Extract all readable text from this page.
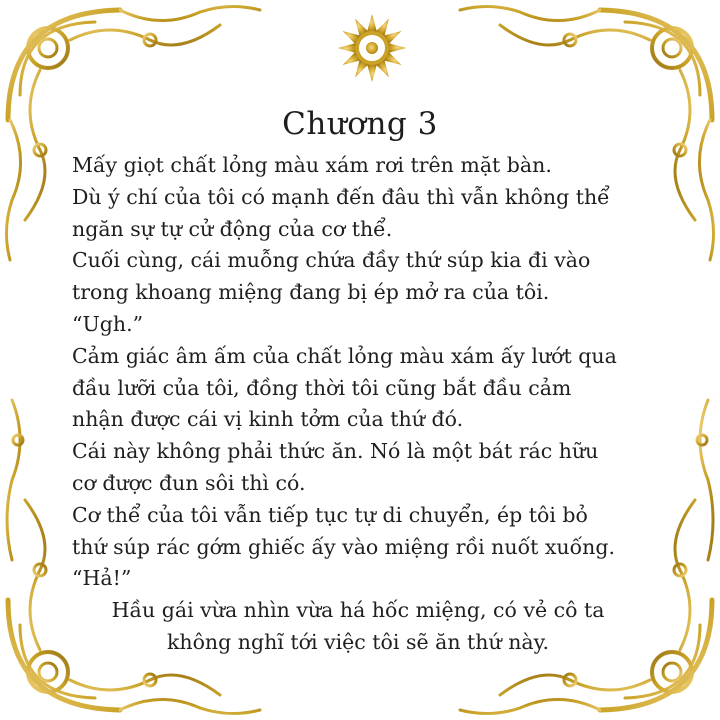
Chương 3
Mấy giọt chất lỏng màu xám rơi trên mặt bàn.
Dù ý chí của tôi có mạnh đến đâu thì vẫn không thể
ngăn sự tự cử động của cơ thể.
Cuối cùng, cái muỗng chứa đầy thứ súp kia đi vào
trong khoang miệng đang bị ép mở ra của tôi.
“Ugh.”
Cảm giác âm ấm của chất lỏng màu xám ấy lướt qua
đầu lưỡi của tôi, đồng thời tôi cũng bắt đầu cảm
nhận được cái vị kinh tởm của thứ đó.
Cái này không phải thức ăn. Nó là một bát rác hữu
cơ được đun sôi thì có.
Cơ thể của tôi vẫn tiếp tục tự di chuyển, ép tôi bỏ
thứ súp rác gớm ghiếc ấy vào miệng rồi nuốt xuống.
“Hả!”
Hầu gái vừa nhìn vừa há hốc miệng, có vẻ cô ta
không nghĩ tới việc tôi sẽ ăn thứ này.
